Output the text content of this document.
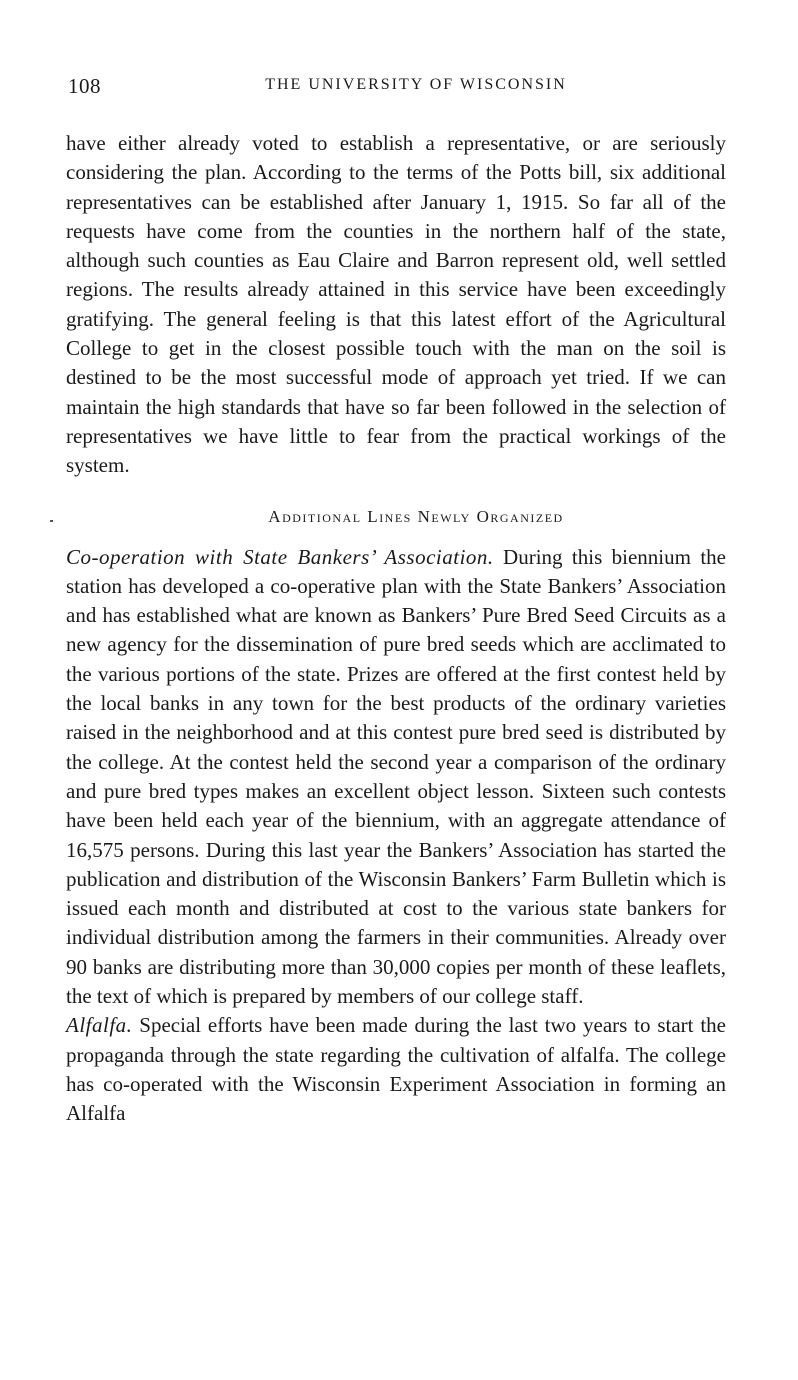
108	THE UNIVERSITY OF WISCONSIN

have either already voted to establish a representative, or are seriously considering the plan. According to the terms of the Potts bill, six additional representatives can be established after January 1, 1915. So far all of the requests have come from the counties in the northern half of the state, although such counties as Eau Claire and Barron represent old, well settled regions. The results already attained in this service have been exceedingly gratifying. The general feeling is that this latest effort of the Agricultural College to get in the closest possible touch with the man on the soil is destined to be the most successful mode of approach yet tried. If we can maintain the high standards that have so far been followed in the selection of representatives we have little to fear from the practical workings of the system.

Additional Lines Newly Organized

Co-operation with State Bankers’ Association. During this biennium the station has developed a co-operative plan with the State Bankers’ Association and has established what are known as Bankers’ Pure Bred Seed Circuits as a new agency for the dissemination of pure bred seeds which are acclimated to the various portions of the state. Prizes are offered at the first contest held by the local banks in any town for the best products of the ordinary varieties raised in the neighborhood and at this contest pure bred seed is distributed by the college. At the contest held the second year a comparison of the ordinary and pure bred types makes an excellent object lesson. Sixteen such contests have been held each year of the biennium, with an aggregate attendance of 16,575 persons. During this last year the Bankers’ Association has started the publication and distribution of the Wisconsin Bankers’ Farm Bulletin which is issued each month and distributed at cost to the various state bankers for individual distribution among the farmers in their communities. Already over 90 banks are distributing more than 30,000 copies per month of these leaflets, the text of which is prepared by members of our college staff.

Alfalfa. Special efforts have been made during the last two years to start the propaganda through the state regarding the cultivation of alfalfa. The college has co-operated with the Wisconsin Experiment Association in forming an Alfalfa
